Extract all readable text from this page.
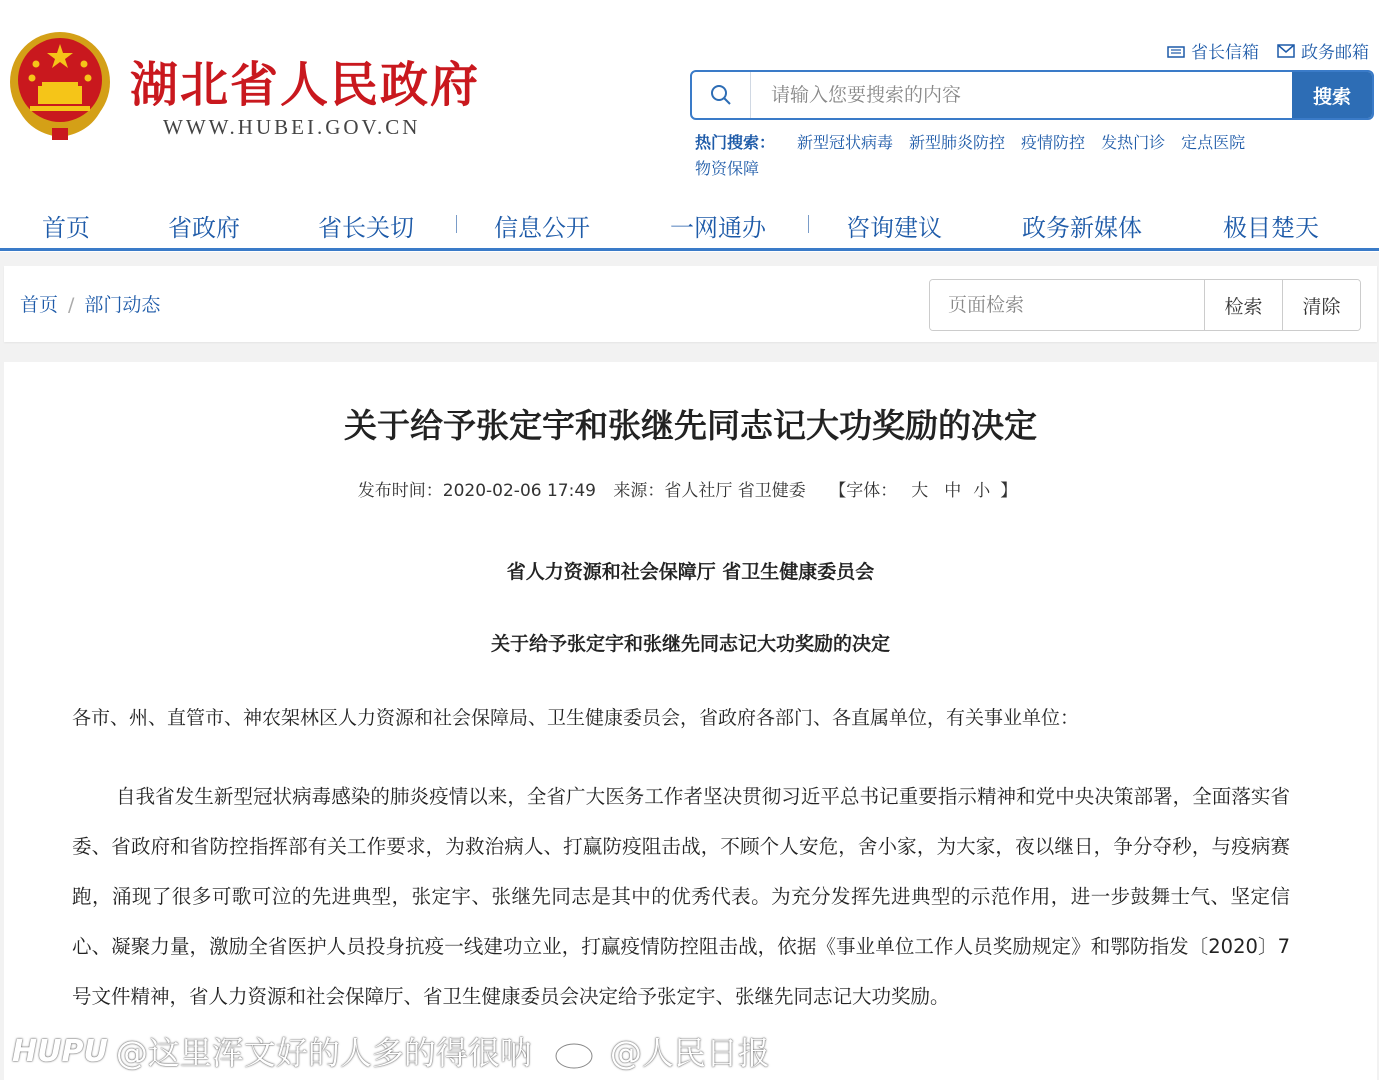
湖北省人民政府
WWW.HUBEI.GOV.CN
省长信箱 政务邮箱
请输入您要搜索的内容
搜索
热门搜索： 新型冠状病毒 新型肺炎防控 疫情防控 发热门诊 定点医院
物资保障
首页	省政府	省长关切	信息公开	一网通办	咨询建议	政务新媒体	极目楚天
首页 / 部门动态
页面检索	检索	清除
关于给予张定宇和张继先同志记大功奖励的决定
发布时间：2020-02-06 17:49 来源：省人社厅 省卫健委 【字体： 大 中 小 】
省人力资源和社会保障厅 省卫生健康委员会
关于给予张定宇和张继先同志记大功奖励的决定
各市、州、直管市、神农架林区人力资源和社会保障局、卫生健康委员会，省政府各部门、各直属单位，有关事业单位：
自我省发生新型冠状病毒感染的肺炎疫情以来，全省广大医务工作者坚决贯彻习近平总书记重要指示精神和党中央决策部署，全面落实省委、省政府和省防控指挥部有关工作要求，为救治病人、打赢防疫阻击战，不顾个人安危，舍小家，为大家，夜以继日，争分夺秒，与疫病赛跑，涌现了很多可歌可泣的先进典型，张定宇、张继先同志是其中的优秀代表。为充分发挥先进典型的示范作用，进一步鼓舞士气、坚定信心、凝聚力量，激励全省医护人员投身抗疫一线建功立业，打赢疫情防控阻击战，依据《事业单位工作人员奖励规定》和鄂防指发〔2020〕7号文件精神，省人力资源和社会保障厅、省卫生健康委员会决定给予张定宇、张继先同志记大功奖励。
HUPU @这里浑文好的人多的得很呐 @人民日报
